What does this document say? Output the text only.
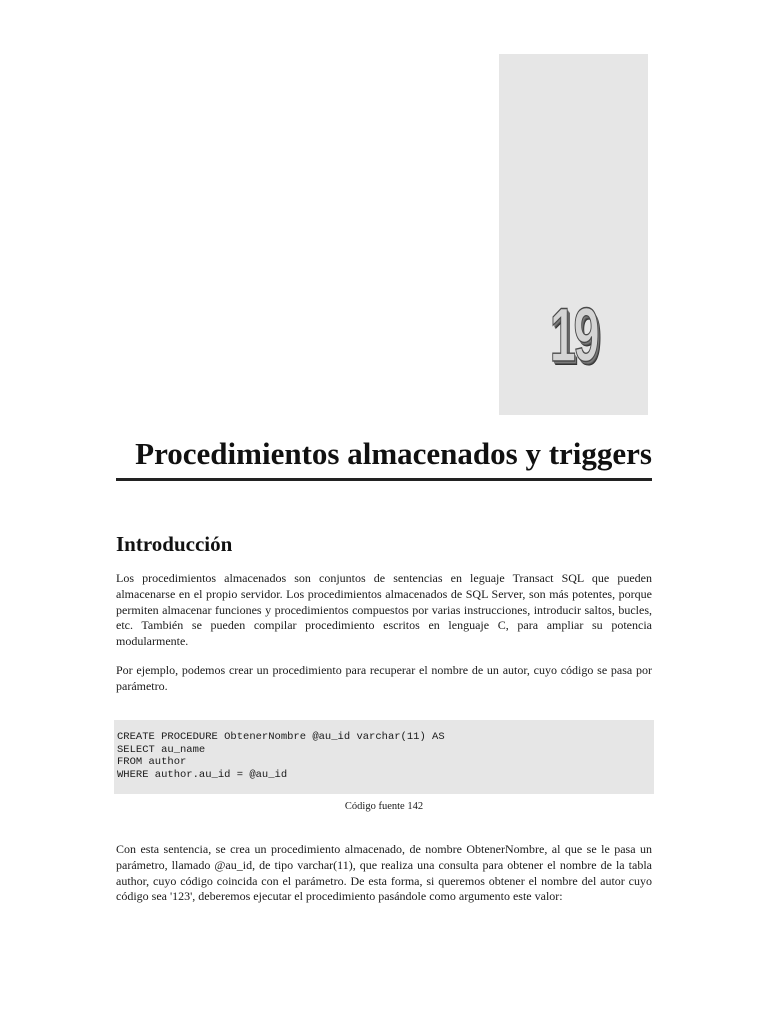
19
Procedimientos almacenados y triggers
Introducción

Los procedimientos almacenados son conjuntos de sentencias en leguaje Transact SQL que pueden almacenarse en el propio servidor. Los procedimientos almacenados de SQL Server, son más potentes, porque permiten almacenar funciones y procedimientos compuestos por varias instrucciones, introducir saltos, bucles, etc. También se pueden compilar procedimiento escritos en lenguaje C, para ampliar su potencia modularmente.

Por ejemplo, podemos crear un procedimiento para recuperar el nombre de un autor, cuyo código se pasa por parámetro.

CREATE PROCEDURE ObtenerNombre @au_id varchar(11) AS
SELECT au_name
FROM author
WHERE author.au_id = @au_id

Código fuente 142

Con esta sentencia, se crea un procedimiento almacenado, de nombre ObtenerNombre, al que se le pasa un parámetro, llamado @au_id, de tipo varchar(11), que realiza una consulta para obtener el nombre de la tabla author, cuyo código coincida con el parámetro. De esta forma, si queremos obtener el nombre del autor cuyo código sea '123', deberemos ejecutar el procedimiento pasándole como argumento este valor:
